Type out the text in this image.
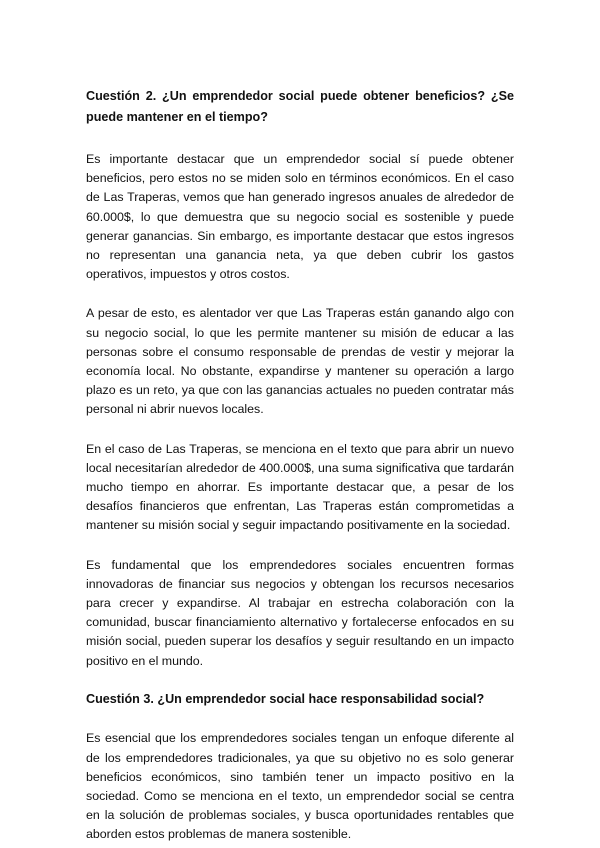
Cuestión 2. ¿Un emprendedor social puede obtener beneficios? ¿Se puede mantener en el tiempo?

Es importante destacar que un emprendedor social sí puede obtener beneficios, pero estos no se miden solo en términos económicos. En el caso de Las Traperas, vemos que han generado ingresos anuales de alrededor de 60.000$, lo que demuestra que su negocio social es sostenible y puede generar ganancias. Sin embargo, es importante destacar que estos ingresos no representan una ganancia neta, ya que deben cubrir los gastos operativos, impuestos y otros costos.

A pesar de esto, es alentador ver que Las Traperas están ganando algo con su negocio social, lo que les permite mantener su misión de educar a las personas sobre el consumo responsable de prendas de vestir y mejorar la economía local. No obstante, expandirse y mantener su operación a largo plazo es un reto, ya que con las ganancias actuales no pueden contratar más personal ni abrir nuevos locales.

En el caso de Las Traperas, se menciona en el texto que para abrir un nuevo local necesitarían alrededor de 400.000$, una suma significativa que tardarán mucho tiempo en ahorrar. Es importante destacar que, a pesar de los desafíos financieros que enfrentan, Las Traperas están comprometidas a mantener su misión social y seguir impactando positivamente en la sociedad.

Es fundamental que los emprendedores sociales encuentren formas innovadoras de financiar sus negocios y obtengan los recursos necesarios para crecer y expandirse. Al trabajar en estrecha colaboración con la comunidad, buscar financiamiento alternativo y fortalecerse enfocados en su misión social, pueden superar los desafíos y seguir resultando en un impacto positivo en el mundo.

Cuestión 3. ¿Un emprendedor social hace responsabilidad social?

Es esencial que los emprendedores sociales tengan un enfoque diferente al de los emprendedores tradicionales, ya que su objetivo no es solo generar beneficios económicos, sino también tener un impacto positivo en la sociedad. Como se menciona en el texto, un emprendedor social se centra en la solución de problemas sociales, y busca oportunidades rentables que aborden estos problemas de manera sostenible.
